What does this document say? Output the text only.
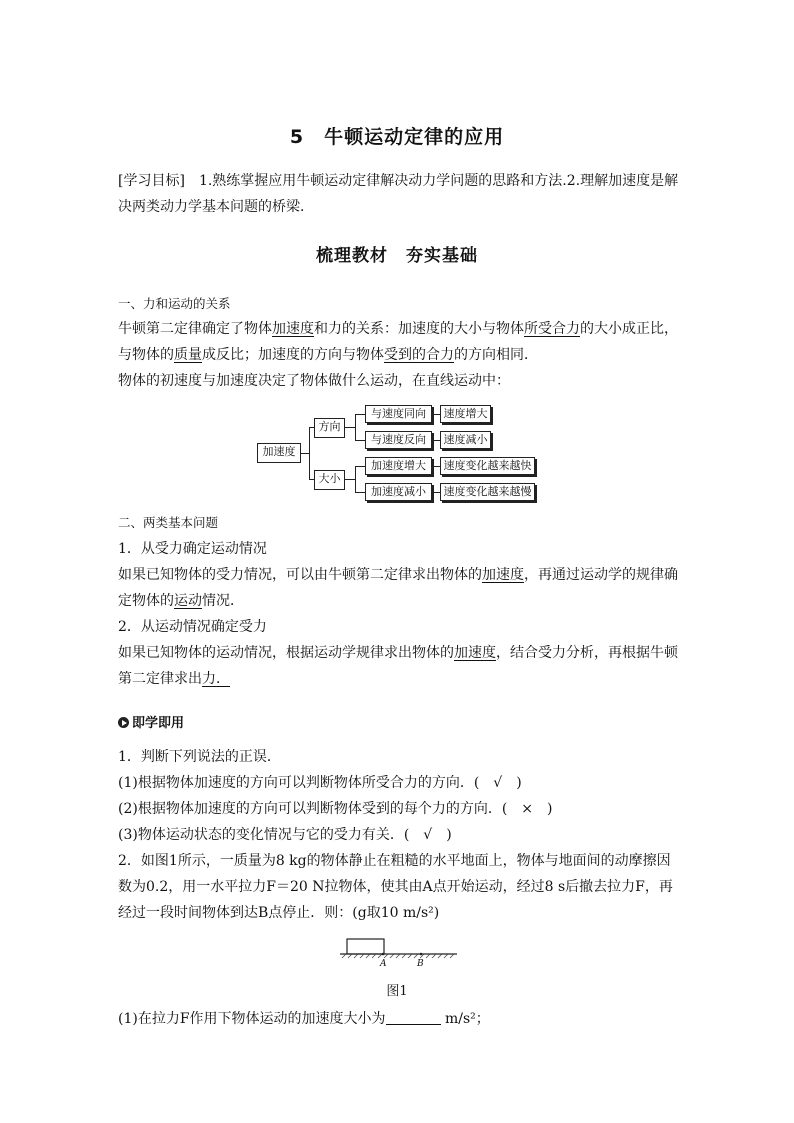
5　牛顿运动定律的应用
[学习目标]　 1.熟练掌握应用牛顿运动定律解决动力学问题的思路和方法.2.理解加速度是解
决两类动力学基本问题的桥梁．
梳理教材　夯实基础
一、力和运动的关系
牛顿第二定律确定了物体加速度和力的关系：加速度的大小与物体所受合力的大小成正比，
与物体的质量成反比；加速度的方向与物体受到的合力的方向相同．
物体的初速度与加速度决定了物体做什么运动，在直线运动中：
加速度
方向
大小
与速度同向
与速度反向
加速度增大
加速度减小
速度增大
速度减小
速度变化越来越快
速度变化越来越慢
二、两类基本问题
1．从受力确定运动情况
如果已知物体的受力情况，可以由牛顿第二定律求出物体的加速度，再通过运动学的规律确
定物体的运动情况．
2．从运动情况确定受力
如果已知物体的运动情况，根据运动学规律求出物体的加速度，结合受力分析，再根据牛顿
第二定律求出力．
即学即用
1．判断下列说法的正误．
(1)根据物体加速度的方向可以判断物体所受合力的方向．(　√　)
(2)根据物体加速度的方向可以判断物体受到的每个力的方向．(　×　)
(3)物体运动状态的变化情况与它的受力有关．(　√　)
2．如图1所示，一质量为8 kg的物体静止在粗糙的水平地面上，物体与地面间的动摩擦因
数为0.2，用一水平拉力F＝20 N拉物体，使其由A点开始运动，经过8 s后撤去拉力F，再
经过一段时间物体到达B点停止．则：(g取10 m/s²)
A	B
图1
(1)在拉力F作用下物体运动的加速度大小为	m/s²；
